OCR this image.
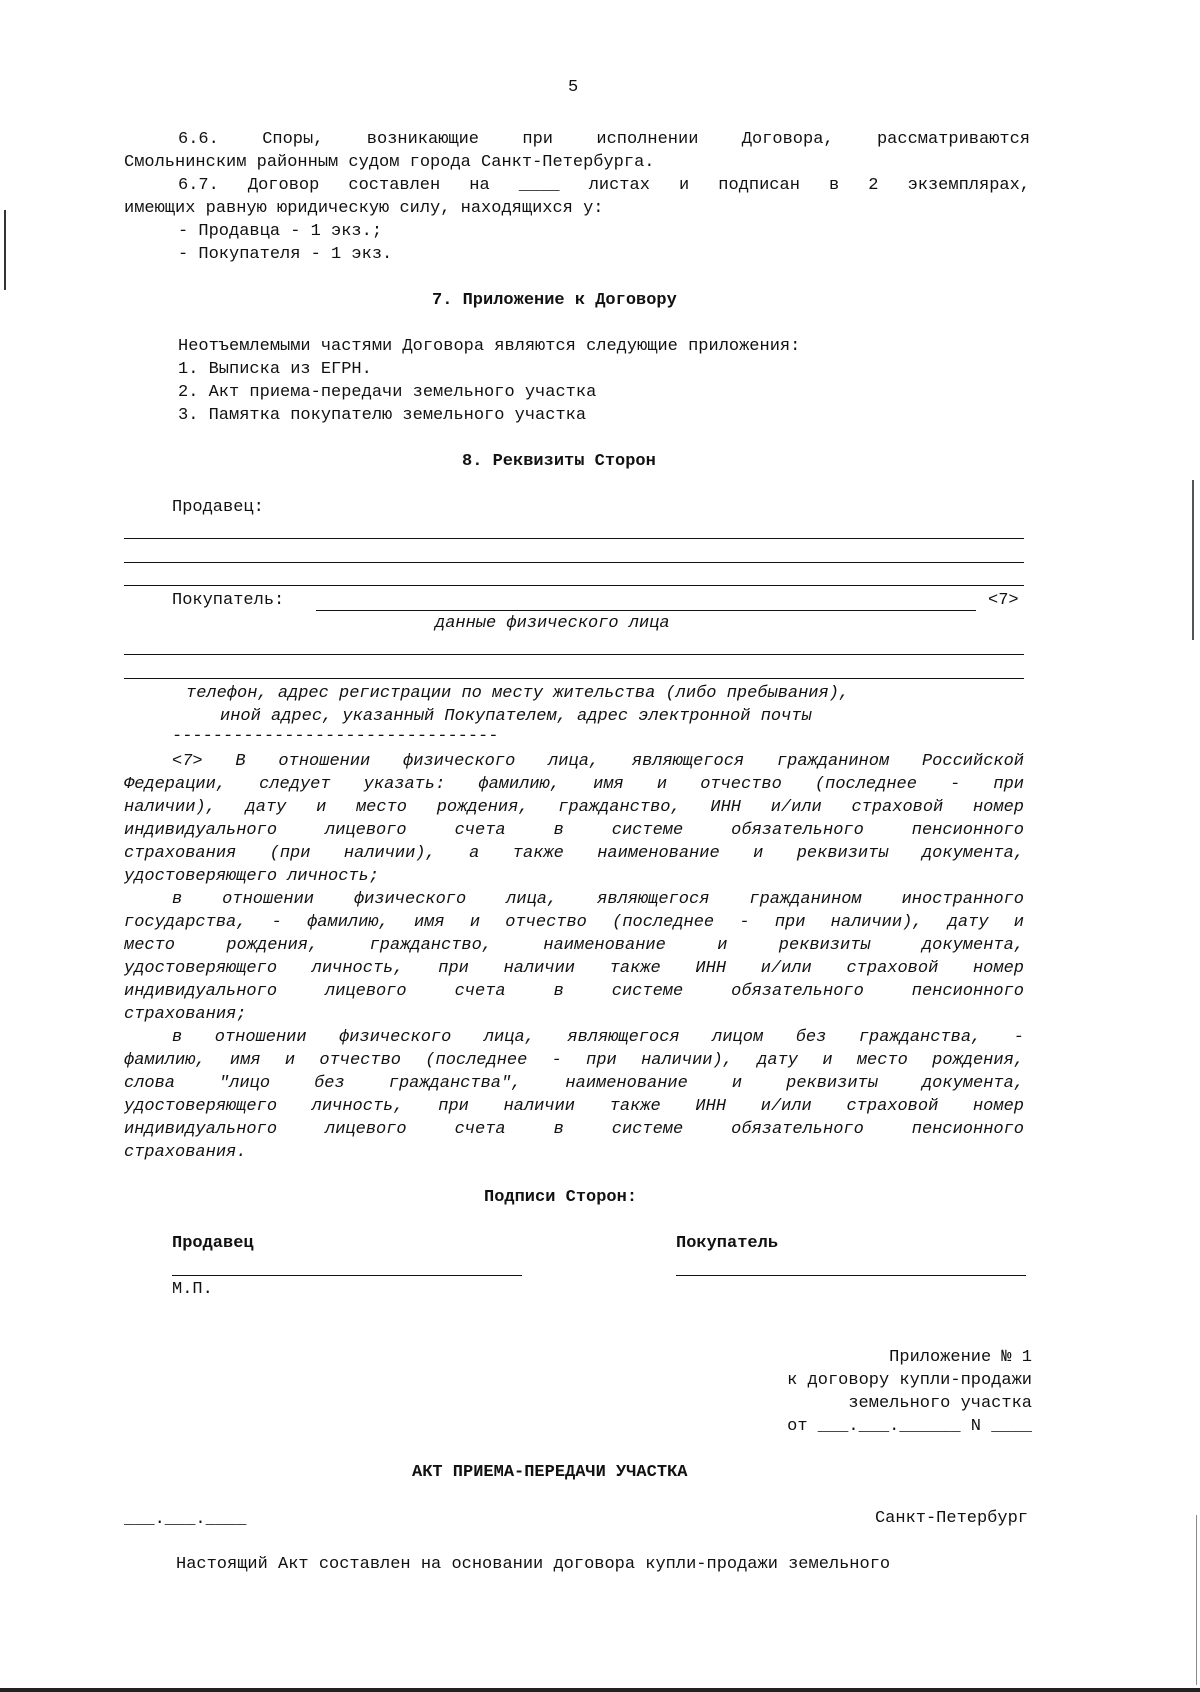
5
6.6. Споры, возникающие при исполнении Договора, рассматриваются
Смольнинским районным судом города Санкт-Петербурга.
6.7. Договор составлен на ____ листах и подписан в 2 экземплярах,
имеющих равную юридическую силу, находящихся у:
- Продавца - 1 экз.;
- Покупателя - 1 экз.
7. Приложение к Договору
Неотъемлемыми частями Договора являются следующие приложения:
1. Выписка из ЕГРН.
2. Акт приема-передачи земельного участка
3. Памятка покупателю земельного участка
8. Реквизиты Сторон
Продавец:
Покупатель:	<7>
данные физического лица
телефон, адрес регистрации по месту жительства (либо пребывания),
иной адрес, указанный Покупателем, адрес электронной почты
--------------------------------
<7> В отношении физического лица, являющегося гражданином Российской
Федерации, следует указать: фамилию, имя и отчество (последнее - при
наличии), дату и место рождения, гражданство, ИНН и/или страховой номер
индивидуального лицевого счета в системе обязательного пенсионного
страхования (при наличии), а также наименование и реквизиты документа,
удостоверяющего личность;
в отношении физического лица, являющегося гражданином иностранного
государства, - фамилию, имя и отчество (последнее - при наличии), дату и
место рождения, гражданство, наименование и реквизиты документа,
удостоверяющего личность, при наличии также ИНН и/или страховой номер
индивидуального лицевого счета в системе обязательного пенсионного
страхования;
в отношении физического лица, являющегося лицом без гражданства, -
фамилию, имя и отчество (последнее - при наличии), дату и место рождения,
слова "лицо без гражданства", наименование и реквизиты документа,
удостоверяющего личность, при наличии также ИНН и/или страховой номер
индивидуального лицевого счета в системе обязательного пенсионного
страхования.
Подписи Сторон:
Продавец	Покупатель
М.П.
Приложение № 1
к договору купли-продажи
земельного участка
от ___.___.______ N ____
АКТ ПРИЕМА-ПЕРЕДАЧИ УЧАСТКА
___.___.____	Санкт-Петербург
Настоящий Акт составлен на основании договора купли-продажи земельного
